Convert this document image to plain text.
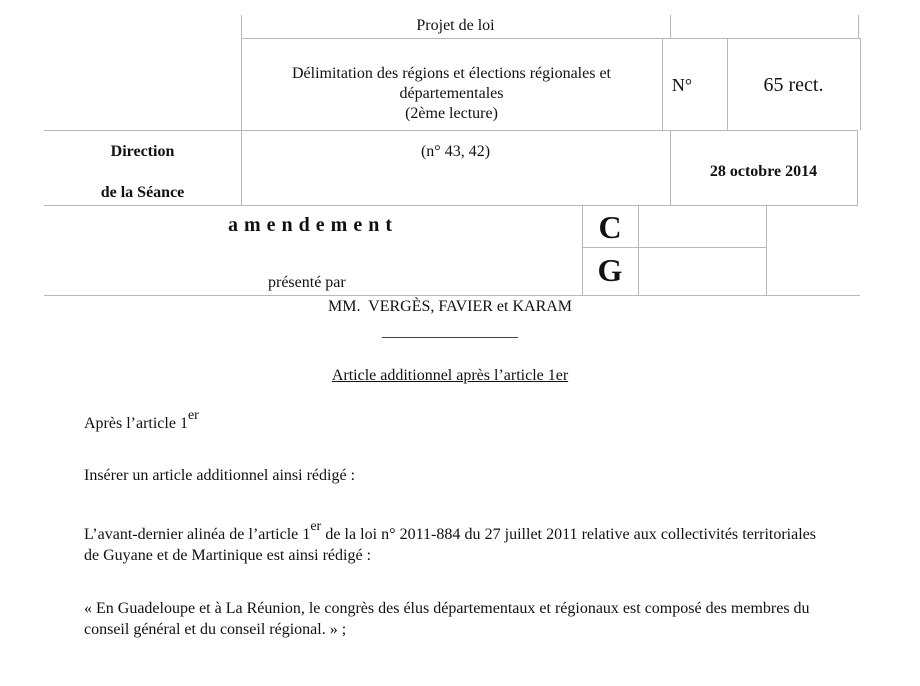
Projet de loi
Délimitation des régions et élections régionales et
départementales
(2ème lecture)
N°	65 rect.
Direction
de la Séance
(n° 43, 42)
28 octobre 2014
amendement	C
G
présenté par
MM.  VERGÈS, FAVIER et KARAM
_________________
Article additionnel après l’article 1er
Après l’article 1er
Insérer un article additionnel ainsi rédigé :
L’avant-dernier alinéa de l’article 1er de la loi n° 2011-884 du 27 juillet 2011 relative aux collectivités territoriales de Guyane et de Martinique est ainsi rédigé :
« En Guadeloupe et à La Réunion, le congrès des élus départementaux et régionaux est composé des membres du conseil général et du conseil régional. » ;
